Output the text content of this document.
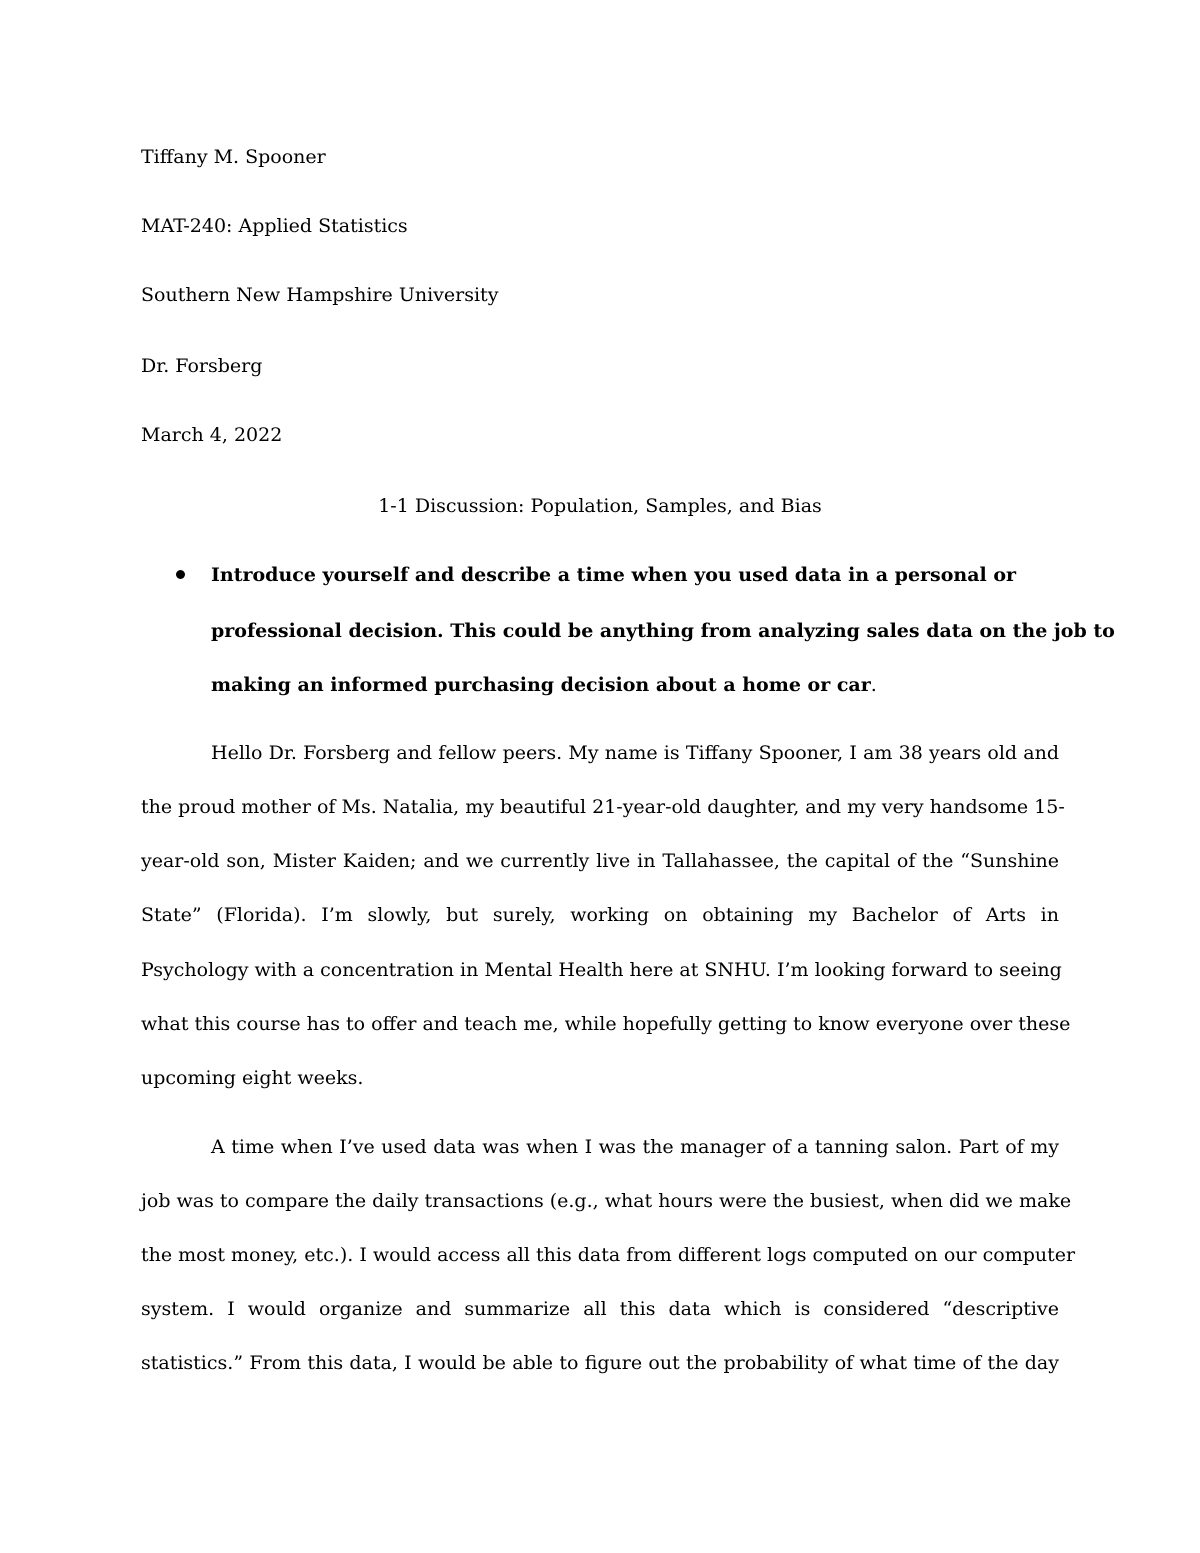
Tiffany M. Spooner
MAT-240: Applied Statistics
Southern New Hampshire University
Dr. Forsberg
March 4, 2022
1-1 Discussion: Population, Samples, and Bias
Introduce yourself and describe a time when you used data in a personal or
professional decision. This could be anything from analyzing sales data on the job to
making an informed purchasing decision about a home or car.
Hello Dr. Forsberg and fellow peers. My name is Tiffany Spooner, I am 38 years old and
the proud mother of Ms. Natalia, my beautiful 21-year-old daughter, and my very handsome 15-
year-old son, Mister Kaiden; and we currently live in Tallahassee, the capital of the “Sunshine
State” (Florida). I’m slowly, but surely, working on obtaining my Bachelor of Arts in
Psychology with a concentration in Mental Health here at SNHU. I’m looking forward to seeing
what this course has to offer and teach me, while hopefully getting to know everyone over these
upcoming eight weeks.
A time when I’ve used data was when I was the manager of a tanning salon. Part of my
job was to compare the daily transactions (e.g., what hours were the busiest, when did we make
the most money, etc.). I would access all this data from different logs computed on our computer
system. I would organize and summarize all this data which is considered “descriptive
statistics.” From this data, I would be able to figure out the probability of what time of the day
